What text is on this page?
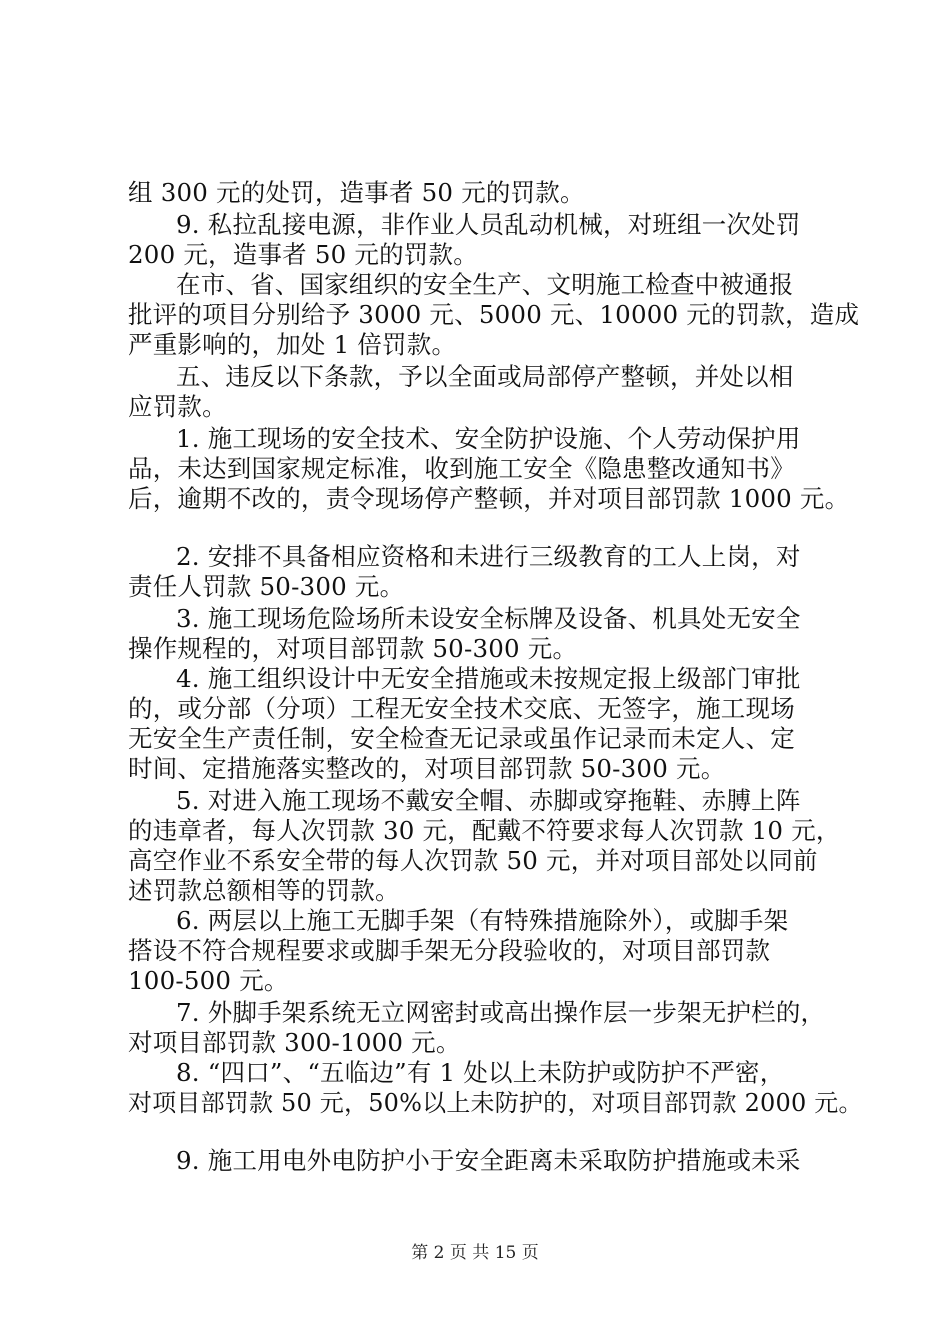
组 300 元的处罚，造事者 50 元的罚款。
9. 私拉乱接电源，非作业人员乱动机械，对班组一次处罚
200 元，造事者 50 元的罚款。
在市、省、国家组织的安全生产、文明施工检查中被通报
批评的项目分别给予 3000 元、5000 元、10000 元的罚款，造成
严重影响的，加处 1 倍罚款。
五、违反以下条款，予以全面或局部停产整顿，并处以相
应罚款。
1. 施工现场的安全技术、安全防护设施、个人劳动保护用
品，未达到国家规定标准，收到施工安全《隐患整改通知书》
后，逾期不改的，责令现场停产整顿，并对项目部罚款 1000 元。
2. 安排不具备相应资格和未进行三级教育的工人上岗，对
责任人罚款 50-300 元。
3. 施工现场危险场所未设安全标牌及设备、机具处无安全
操作规程的，对项目部罚款 50-300 元。
4. 施工组织设计中无安全措施或未按规定报上级部门审批
的，或分部（分项）工程无安全技术交底、无签字，施工现场
无安全生产责任制，安全检查无记录或虽作记录而未定人、定
时间、定措施落实整改的，对项目部罚款 50-300 元。
5. 对进入施工现场不戴安全帽、赤脚或穿拖鞋、赤膊上阵
的违章者，每人次罚款 30 元，配戴不符要求每人次罚款 10 元，
高空作业不系安全带的每人次罚款 50 元，并对项目部处以同前
述罚款总额相等的罚款。
6. 两层以上施工无脚手架（有特殊措施除外），或脚手架
搭设不符合规程要求或脚手架无分段验收的，对项目部罚款
100-500 元。
7. 外脚手架系统无立网密封或高出操作层一步架无护栏的，
对项目部罚款 300-1000 元。
8. “四口”、“五临边”有 1 处以上未防护或防护不严密，
对项目部罚款 50 元，50%以上未防护的，对项目部罚款 2000 元。
9. 施工用电外电防护小于安全距离未采取防护措施或未采
第 2 页 共 15 页
